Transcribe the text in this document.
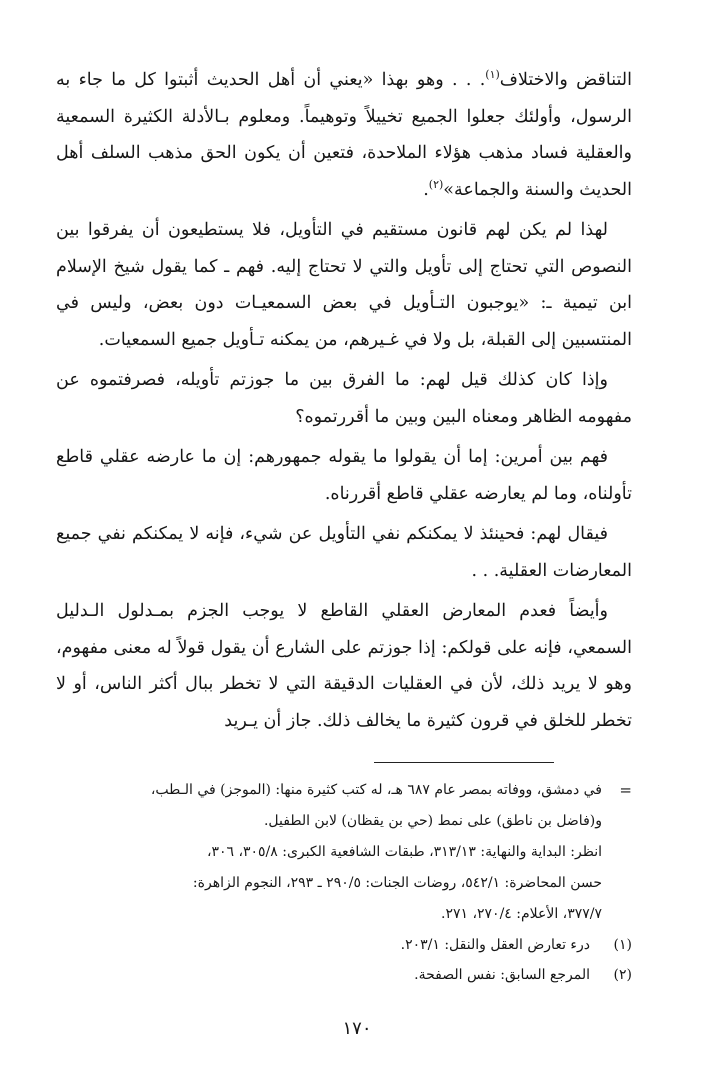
التناقض والاختلاف$^{(١)}$. . . وهو بهذا «يعني أن أهل الحديث أثبتوا كل ما جاء به الرسول، وأولئك جعلوا الجميع تخييلاً وتوهيماً. ومعلوم بـالأدلة الكثيرة السمعية والعقلية فساد مذهب هؤلاء الملاحدة، فتعين أن يكون الحق مذهب السلف أهل الحديث والسنة والجماعة»$^{(٢)}$.

لهذا لم يكن لهم قانون مستقيم في التأويل، فلا يستطيعون أن يفرقوا بين النصوص التي تحتاج إلى تأويل والتي لا تحتاج إليه. فهم ـ كما يقول شيخ الإسلام ابن تيمية ـ: «يوجبون التـأويل في بعض السمعيـات دون بعض، وليس في المنتسبين إلى القبلة، بل ولا في غـيرهم، من يمكنه تـأويل جميع السمعيات.

وإذا كان كذلك قيل لهم: ما الفرق بين ما جوزتم تأويله، فصرفتموه عن مفهومه الظاهر ومعناه البين وبين ما أقررتموه؟

فهم بين أمرين: إما أن يقولوا ما يقوله جمهورهم: إن ما عارضه عقلي قاطع تأولناه، وما لم يعارضه عقلي قاطع أقررناه.

فيقال لهم: فحينئذ لا يمكنكم نفي التأويل عن شيء، فإنه لا يمكنكم نفي جميع المعارضات العقلية. . .

وأيضاً فعدم المعارض العقلي القاطع لا يوجب الجزم بمـدلول الـدليل السمعي، فإنه على قولكم: إذا جوزتم على الشارع أن يقول قولاً له معنى مفهوم، وهو لا يريد ذلك، لأن في العقليات الدقيقة التي لا تخطر ببال أكثر الناس، أو لا تخطر للخلق في قرون كثيرة ما يخالف ذلك. جاز أن يـريد

=

في دمشق، ووفاته بمصر عام ٦٨٧ هـ، له كتب كثيرة منها: (الموجز) في الـطب،

و(فاضل بن ناطق) على نمط (حي بن يقظان) لابن الطفيل.

انظر: البداية والنهاية: ٣١٣/١٣، طبقات الشافعية الكبرى: ٣٠٥/٨، ٣٠٦،

حسن المحاضرة: ٥٤٢/١، روضات الجنات: ٢٩٠/٥ ـ ٢٩٣، النجوم الزاهرة:

٣٧٧/٧، الأعلام: ٢٧٠/٤، ٢٧١.

(١)
درء تعارض العقل والنقل: ٢٠٣/١.
(٢)
المرجع السابق: نفس الصفحة.
١٧٠
